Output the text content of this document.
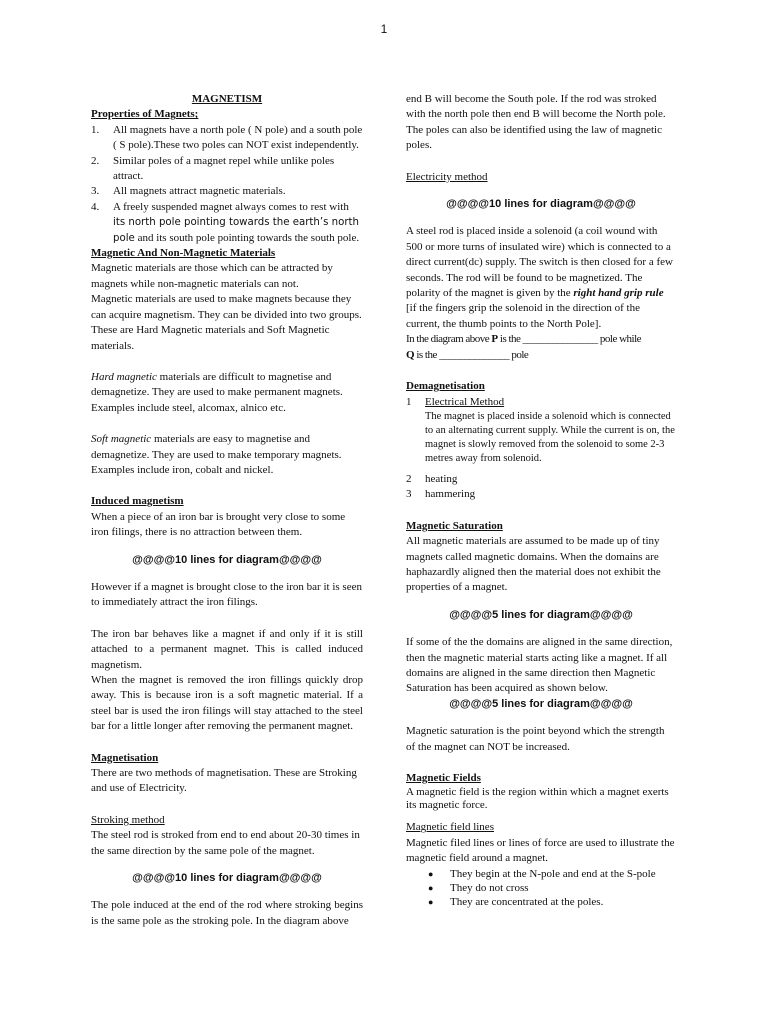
1
MAGNETISM
Properties of Magnets;
1. All magnets have a north pole ( N pole) and a south pole ( S pole).These two poles can NOT exist independently.
2. Similar poles of a magnet repel while unlike poles attract.
3. All magnets attract magnetic materials.
4. A freely suspended magnet always comes to rest with its north pole pointing towards the earth’s north pole and its south pole pointing towards the south pole.
Magnetic And Non-Magnetic Materials
Magnetic materials are those which can be attracted by magnets while non-magnetic materials can not.
Magnetic materials are used to make magnets because they can acquire magnetism. They can be divided into two groups. These are Hard Magnetic materials and Soft Magnetic materials.
Hard magnetic materials are difficult to magnetise and demagnetize. They are used to make permanent magnets. Examples include steel, alcomax, alnico etc.
Soft magnetic materials are easy to magnetise and demagnetize. They are used to make temporary magnets. Examples include iron, cobalt and nickel.
Induced magnetism
When a piece of an iron bar is brought very close to some iron filings, there is no attraction between them.
@@@@10 lines for diagram@@@@
However if a magnet is brought close to the iron bar it is seen to immediately attract the iron filings.
The iron bar behaves like a magnet if and only if it is still attached to a permanent magnet. This is called induced magnetism.
When the magnet is removed the iron fillings quickly drop away. This is because iron is a soft magnetic material. If a steel bar is used the iron filings will stay attached to the steel bar for a little longer after removing the permanent magnet.
Magnetisation
There are two methods of magnetisation. These are Stroking and use of Electricity.
Stroking method
The steel rod is stroked from end to end about 20-30 times in the same direction by the same pole of the magnet.
@@@@10 lines for diagram@@@@
The pole induced at the end of the rod where stroking begins is the same pole as the stroking pole. In the diagram above
end B will become the South pole. If the rod was stroked with the north pole then end B will become the North pole. The poles can also be identified using the law of magnetic poles.
Electricity method
@@@@10 lines for diagram@@@@
A steel rod is placed inside a solenoid (a coil wound with 500 or more turns of insulated wire) which is connected to a direct current(dc) supply. The switch is then closed for a few seconds. The rod will be found to be magnetized. The polarity of the magnet is given by the right hand grip rule [if the fingers grip the solenoid in the direction of the current, the thumb points to the North Pole].
In the diagram above P is the _______________ pole while
Q is the ______________ pole
Demagnetisation
1 Electrical Method
The magnet is placed inside a solenoid which is connected to an alternating current supply. While the current is on, the magnet is slowly removed from the solenoid to some 2-3 metres away from solenoid.
2 heating
3 hammering
Magnetic Saturation
All magnetic materials are assumed to be made up of tiny magnets called magnetic domains. When the domains are haphazardly aligned then the material does not exhibit the properties of a magnet.
@@@@5 lines for diagram@@@@
If some of the the domains are aligned in the same direction, then the magnetic material starts acting like a magnet. If all domains are aligned in the same direction then Magnetic Saturation has been acquired as shown below.
@@@@5 lines for diagram@@@@
Magnetic saturation is the point beyond which the strength of the magnet can NOT be increased.
Magnetic Fields
A magnetic field is the region within which a magnet exerts its magnetic force.
Magnetic field lines
Magnetic filed lines or lines of force are used to illustrate the magnetic field around a magnet.
● They begin at the N-pole and end at the S-pole
● They do not cross
● They are concentrated at the poles.
